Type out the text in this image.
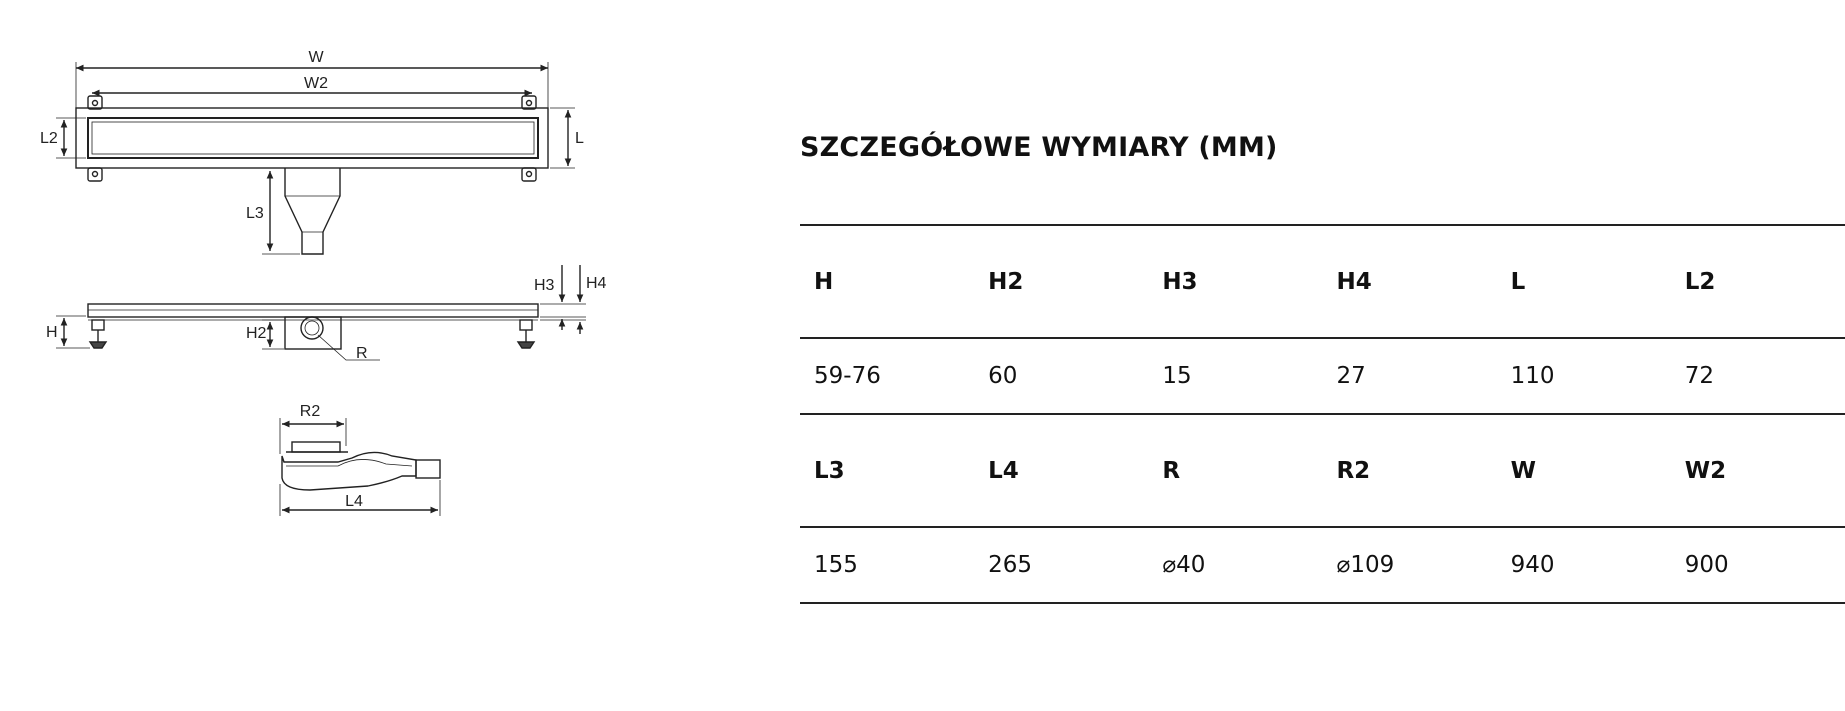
W
W2
L
L2
L3
H	H2
H3 H4
R
R2
L4
SZCZEGÓŁOWE WYMIARY (MM)
H	H2	H3	H4	L	L2
59-76	60	15	27	110	72
L3	L4	R	R2	W	W2
155	265	⌀40	⌀109	940	900
